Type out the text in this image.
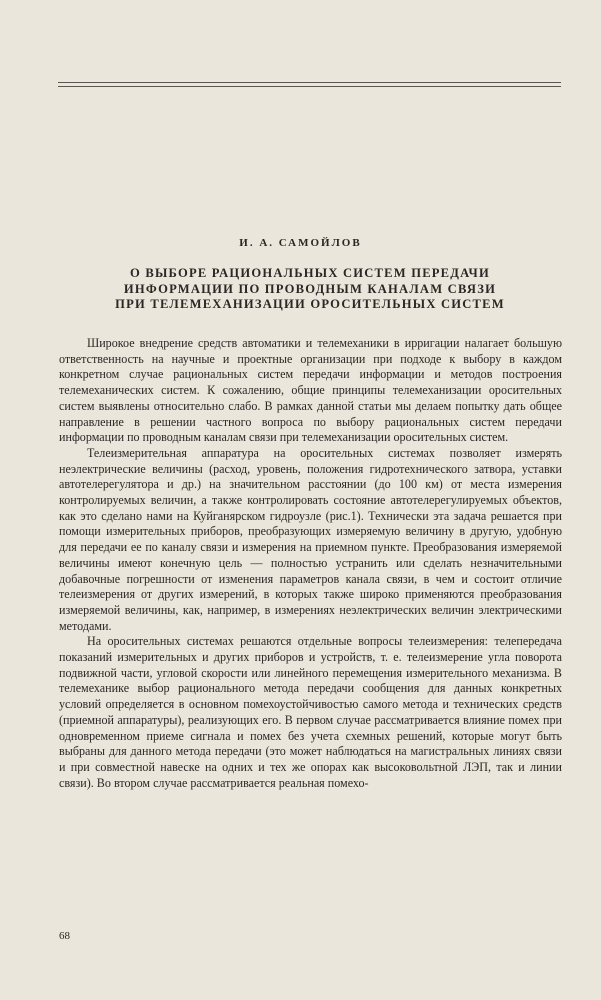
И. А. САМОЙЛОВ
О ВЫБОРЕ РАЦИОНАЛЬНЫХ СИСТЕМ ПЕРЕДАЧИ
ИНФОРМАЦИИ ПО ПРОВОДНЫМ КАНАЛАМ СВЯЗИ
ПРИ ТЕЛЕМЕХАНИЗАЦИИ ОРОСИТЕЛЬНЫХ СИСТЕМ

Широкое внедрение средств автоматики и телемеханики в ирригации налагает большую ответственность на научные и проектные организации при подходе к выбору в каждом конкретном случае рациональных систем передачи информации и методов построения телемеханических систем. К сожалению, общие принципы телемеханизации оросительных систем выявлены относительно слабо. В рамках данной статьи мы делаем попытку дать общее направление в решении частного вопроса по выбору рациональных систем передачи информации по проводным каналам связи при телемеханизации оросительных систем.

Телеизмерительная аппаратура на оросительных системах позволяет измерять неэлектрические величины (расход, уровень, положения гидротехнического затвора, уставки автотелерегулятора и др.) на значительном расстоянии (до 100 км) от места измерения контролируемых величин, а также контролировать состояние автотелерегулируемых объектов, как это сделано нами на Куйганярском гидроузле (рис.1). Технически эта задача решается при помощи измерительных приборов, преобразующих измеряемую величину в другую, удобную для передачи ее по каналу связи и измерения на приемном пункте. Преобразования измеряемой величины имеют конечную цель — полностью устранить или сделать незначительными добавочные погрешности от изменения параметров канала связи, в чем и состоит отличие телеизмерения от других измерений, в которых также широко применяются преобразования измеряемой величины, как, например, в измерениях неэлектрических величин электрическими методами.

На оросительных системах решаются отдельные вопросы телеизмерения: телепередача показаний измерительных и других приборов и устройств, т. е. телеизмерение угла поворота подвижной части, угловой скорости или линейного перемещения измерительного механизма. В телемеханике выбор рационального метода передачи сообщения для данных конкретных условий определяется в основном помехоустойчивостью самого метода и технических средств (приемной аппаратуры), реализующих его. В первом случае рассматривается влияние помех при одновременном приеме сигнала и помех без учета схемных решений, которые могут быть выбраны для данного метода передачи (это может наблюдаться на магистральных линиях связи и при совместной навеске на одних и тех же опорах как высоковольтной ЛЭП, так и линии связи). Во втором случае рассматривается реальная помехо-

68
